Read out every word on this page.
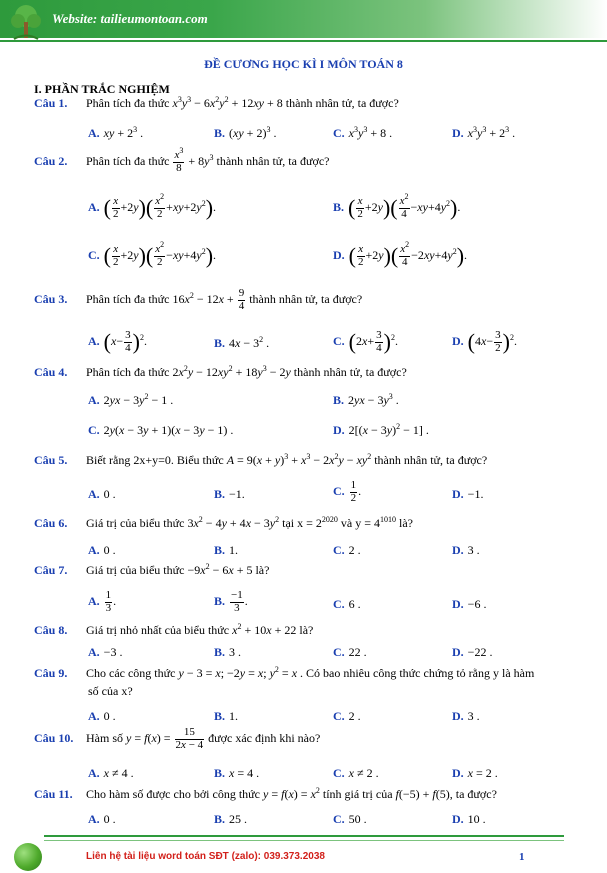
Website: tailieumontoan.com
ĐỀ CƯƠNG HỌC KÌ I MÔN TOÁN 8
I. PHẦN TRẮC NGHIỆM
Câu 1. Phân tích đa thức $x^3y^3 - 6x^2y^2 + 12xy + 8$ thành nhân tử, ta được?
A. xy + $2^3$ .	B. (xy + 2)$^3$ .	C. $x^3y^3 + 8$ .	D. $x^3y^3 + 2^3$ .
Câu 2. Phân tích đa thức $\frac{x^3}{8} + 8y^3$ thành nhân tử, ta được?
A. ( $\frac{x}{2} +2y)( \frac{x^2}{2} +xy+2y^2)$.	B. ( $\frac{x}{2} +2y)( \frac{x^2}{4} -xy+4y^2)$.
C. ( $\frac{x}{2} +2y)( \frac{x^2}{2} -xy+4y^2)$.	D. ( $\frac{x}{2} +2y)( \frac{x^2}{4} -2xy+4y^2)$.
Câu 3. Phân tích đa thức $16x^2 - 12x + \frac{9}{4}$ thành nhân tử, ta được?
A. $(x- \frac{3}{4} )^2$.	B. $4x - 3^2$ .	C. $(2x+ \frac{3}{4} )^2$.	D. $(4x- \frac{3}{2} )^2$.
Câu 4. Phân tích đa thức $2x^2y - 12xy^2 + 18y^3 - 2y$ thành nhân tử, ta được?
A. $2yx - 3y^2 - 1$ .	B. $2yx - 3y^3$ .
C. 2y(x − 3y + 1)(x − 3y − 1) .	D. $2[(x - 3y)^2 - 1]$ .
Câu 5. Biết rằng 2x+y=0. Biểu thức $A = 9(x + y)^3 + x^3 - 2x^2y - xy^2$ thành nhân tử, ta được?
A. 0 .	B. −1.	C. $\frac{1}{2}$ .	D. −1.
Câu 6. Giá trị của biểu thức $3x^2 - 4y + 4x - 3y^2$ tại $x = 2^{2020}$ và $y = 4^{1010}$ là?
A. 0 .	B. 1.	C. 2 .	D. 3 .
Câu 7. Giá trị của biểu thức $-9x^2 - 6x + 5$ là?
A. $\frac{1}{3}$ .	B. $\frac{-1}{3}$ .	C. 6 .	D. −6 .
Câu 8. Giá trị nhỏ nhất của biểu thức $x^2 + 10x + 22$ là?
A. −3 .	B. 3 .	C. 22 .	D. −22 .
Câu 9. Cho các công thức y − 3 = x; −2y = x; $y^2 = x$ . Có bao nhiêu công thức chứng tỏ rằng y là hàm
số của x?
A. 0 .	B. 1.	C. 2 .	D. 3 .
Câu 10. Hàm số $y = f(x) = \frac{15}{2x - 4}$ được xác định khi nào?
A. x ≠ 4 .	B. x = 4 .	C. x ≠ 2 .	D. x = 2 .
Câu 11. Cho hàm số được cho bởi công thức $y = f(x) = x^2$ tính giá trị của f(−5) + f(5), ta được?
A. 0 .	B. 25 .	C. 50 .	D. 10 .
Liên hệ tài liệu word toán SĐT (zalo): 039.373.2038	1
